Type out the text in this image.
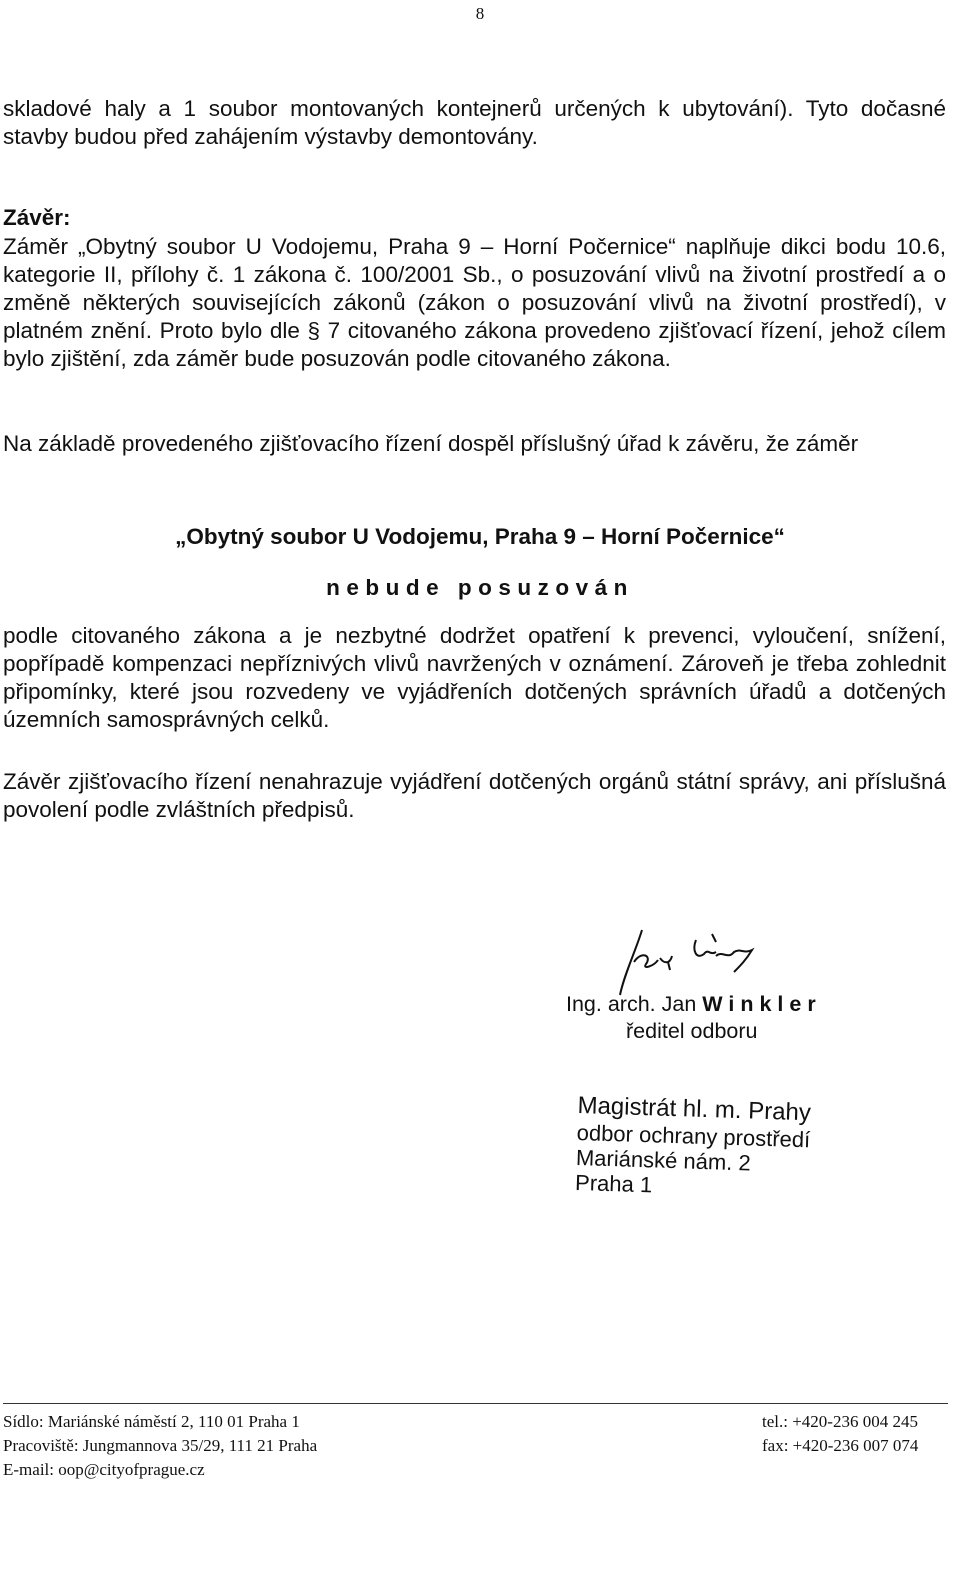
8

skladové haly a 1 soubor montovaných kontejnerů určených k ubytování). Tyto dočasné stavby budou před zahájením výstavby demontovány.

Závěr:

Záměr „Obytný soubor U Vodojemu, Praha 9 – Horní Počernice“ naplňuje dikci bodu 10.6, kategorie II, přílohy č. 1 zákona č. 100/2001 Sb., o posuzování vlivů na životní prostředí a o změně některých souvisejících zákonů (zákon o posuzování vlivů na životní prostředí), v platném znění. Proto bylo dle § 7 citovaného zákona provedeno zjišťovací řízení, jehož cílem bylo zjištění, zda záměr bude posuzován podle citovaného zákona.

Na základě provedeného zjišťovacího řízení dospěl příslušný úřad k závěru, že záměr

„Obytný soubor U Vodojemu, Praha 9 – Horní Počernice“

nebude posuzován

podle citovaného zákona a je nezbytné dodržet opatření k prevenci, vyloučení, snížení, popřípadě kompenzaci nepříznivých vlivů navržených v oznámení. Zároveň je třeba zohlednit připomínky, které jsou rozvedeny ve vyjádřeních dotčených správních úřadů a dotčených územních samosprávných celků.

Závěr zjišťovacího řízení nenahrazuje vyjádření dotčených orgánů státní správy, ani příslušná povolení podle zvláštních předpisů.

Ing. arch. Jan Winkler
ředitel odboru
Magistrát hl. m. Prahy
odbor ochrany prostředí
Mariánské nám. 2
Praha 1
Sídlo: Mariánské náměstí 2, 110 01 Praha 1
Pracoviště: Jungmannova 35/29, 111 21 Praha
E-mail: oop@cityofprague.cz
tel.: +420-236 004 245
fax: +420-236 007 074
